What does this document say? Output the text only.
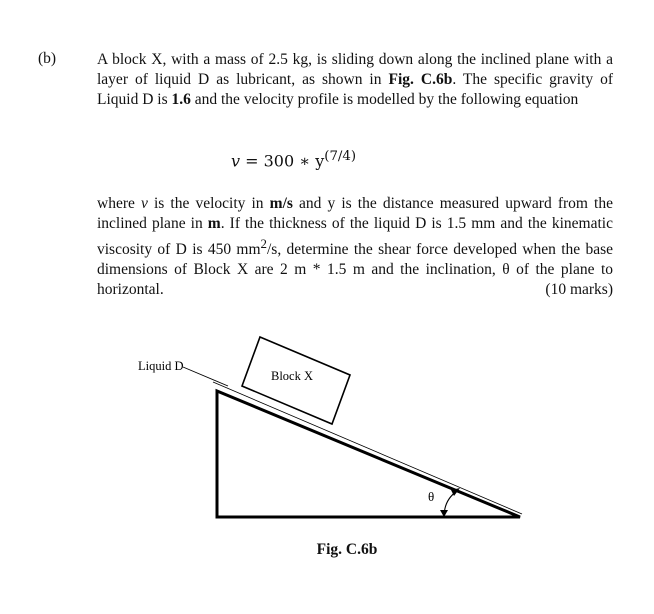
(b)	A block X, with a mass of 2.5 kg, is sliding down along the inclined plane with a layer of liquid D as lubricant, as shown in Fig. C.6b. The specific gravity of Liquid D is 1.6 and the velocity profile is modelled by the following equation

v = 300 ∗ $y^{(7/4)}$

where v is the velocity in m/s and y is the distance measured upward from the inclined plane in m. If the thickness of the liquid D is 1.5 mm and the kinematic viscosity of D is 450 $mm^2/s$, determine the shear force developed when the base dimensions of Block X are 2 m * 1.5 m and the inclination, θ of the plane to horizontal.	(10 marks)

Block X
Liquid D
θ
Fig. C.6b
